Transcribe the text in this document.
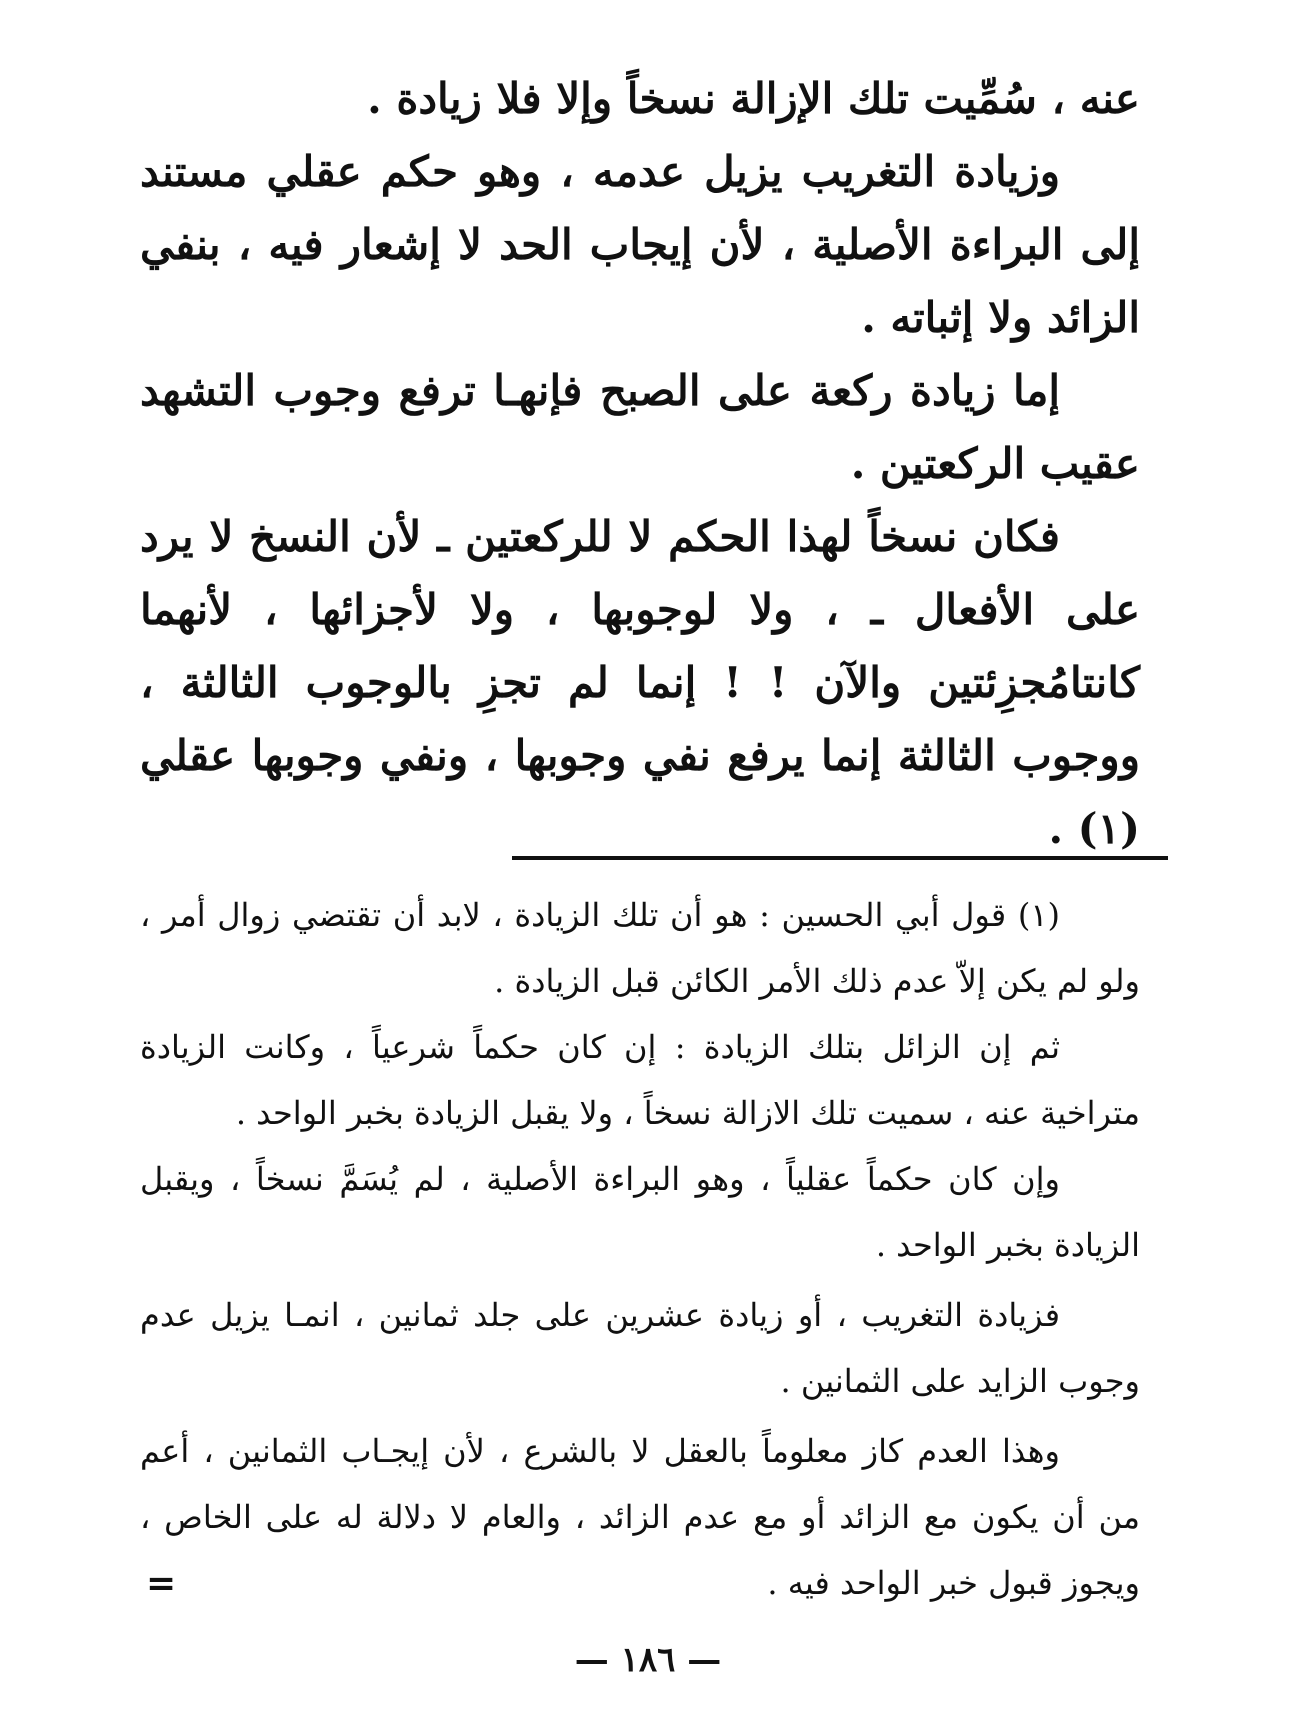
عنه ، سُمِّيت تلك الإزالة نسخاً وإلا فلا زيادة .

وزيادة التغريب يزيل عدمه ، وهو حكم عقلي مستند إلى البراءة الأصلية ، لأن إيجاب الحد لا إشعار فيه ، بنفي الزائد ولا إثباته .

إما زيادة ركعة على الصبح فإنهـا ترفع وجوب التشهد عقيب الركعتين .

فكان نسخاً لهذا الحكم لا للركعتين ـ لأن النسخ لا يرد على الأفعال ـ ، ولا لوجوبها ، ولا لأجزائها ، لأنهما كانتامُجزِئتين والآن ! ! إنما لم تجزِ بالوجوب الثالثة ، ووجوب الثالثة إنما يرفع نفي وجوبها ، ونفي وجوبها عقلي (١) .

(١) قول أبي الحسين : هو أن تلك الزيادة ، لابد أن تقتضي زوال أمر ، ولو لم يكن إلاّ عدم ذلك الأمر الكائن قبل الزيادة .

ثم إن الزائل بتلك الزيادة : إن كان حكماً شرعياً ، وكانت الزيادة متراخية عنه ، سميت تلك الازالة نسخاً ، ولا يقبل الزيادة بخبر الواحد .

وإن كان حكماً عقلياً ، وهو البراءة الأصلية ، لم يُسَمَّ نسخاً ، ويقبل الزيادة بخبر الواحد .

فزيادة التغريب ، أو زيادة عشرين على جلد ثمانين ، انمـا يزيل عدم وجوب الزايد على الثمانين .

وهذا العدم كاز معلوماً بالعقل لا بالشرع ، لأن إيجـاب الثمانين ، أعم من أن يكون مع الزائد أو مع عدم الزائد ، والعام لا دلالة له على الخاص ، ويجوز قبول خبر الواحد فيه .

=
— ١٨٦ —
